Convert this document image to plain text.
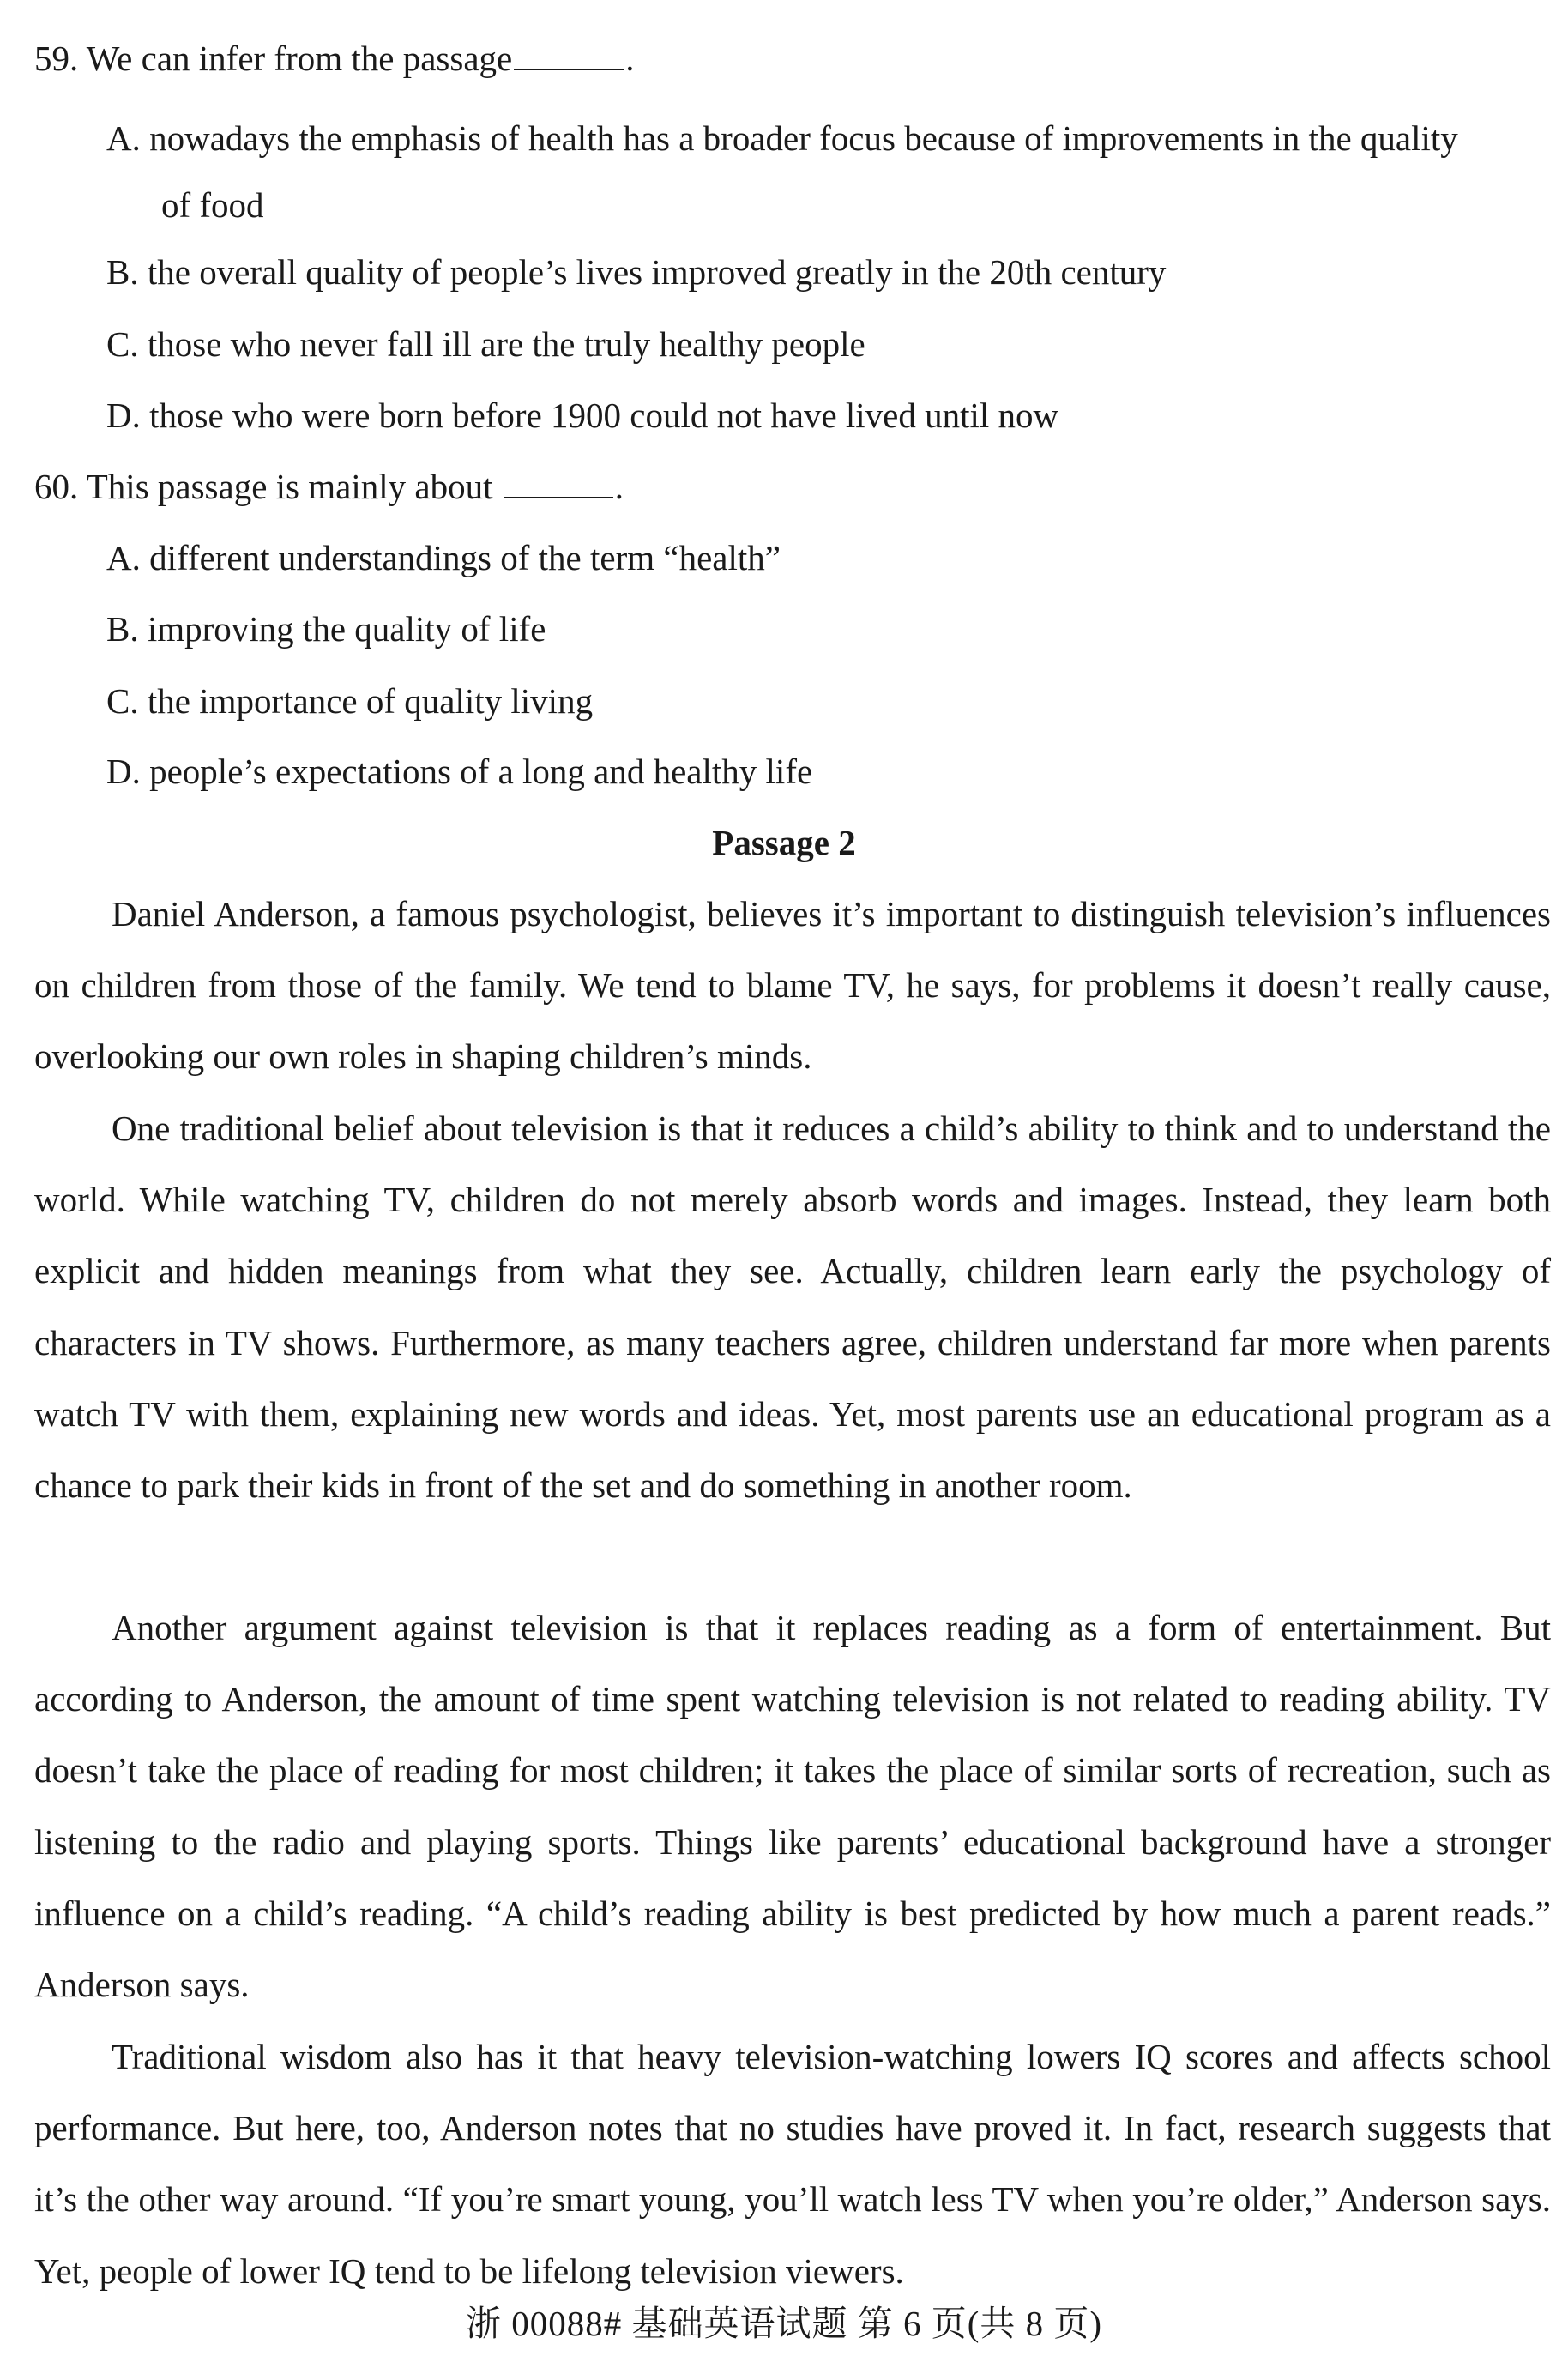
59. We can infer from the passage	.
A. nowadays the emphasis of health has a broader focus because of improvements in the quality
of food
B. the overall quality of people’s lives improved greatly in the 20th century
C. those who never fall ill are the truly healthy people
D. those who were born before 1900 could not have lived until now
60. This passage is mainly about	.
A. different understandings of the term “health”
B. improving the quality of life
C. the importance of quality living
D. people’s expectations of a long and healthy life
Passage 2
Daniel Anderson, a famous psychologist, believes it’s important to distinguish television’s influences on children from those of the family. We tend to blame TV, he says, for problems it doesn’t really cause, overlooking our own roles in shaping children’s minds.
One traditional belief about television is that it reduces a child’s ability to think and to understand the world. While watching TV, children do not merely absorb words and images. Instead, they learn both explicit and hidden meanings from what they see. Actually, children learn early the psychology of characters in TV shows. Furthermore, as many teachers agree, children understand far more when parents watch TV with them, explaining new words and ideas. Yet, most parents use an educational program as a chance to park their kids in front of the set and do something in another room.
Another argument against television is that it replaces reading as a form of entertainment. But according to Anderson, the amount of time spent watching television is not related to reading ability. TV doesn’t take the place of reading for most children; it takes the place of similar sorts of recreation, such as listening to the radio and playing sports. Things like parents’ educational background have a stronger influence on a child’s reading. “A child’s reading ability is best predicted by how much a parent reads.” Anderson says.
Traditional wisdom also has it that heavy television-watching lowers IQ scores and affects school performance. But here, too, Anderson notes that no studies have proved it. In fact, research suggests that it’s the other way around. “If you’re smart young, you’ll watch less TV when you’re older,” Anderson says. Yet, people of lower IQ tend to be lifelong television viewers.
浙 00088# 基础英语试题 第 6 页(共 8 页)
